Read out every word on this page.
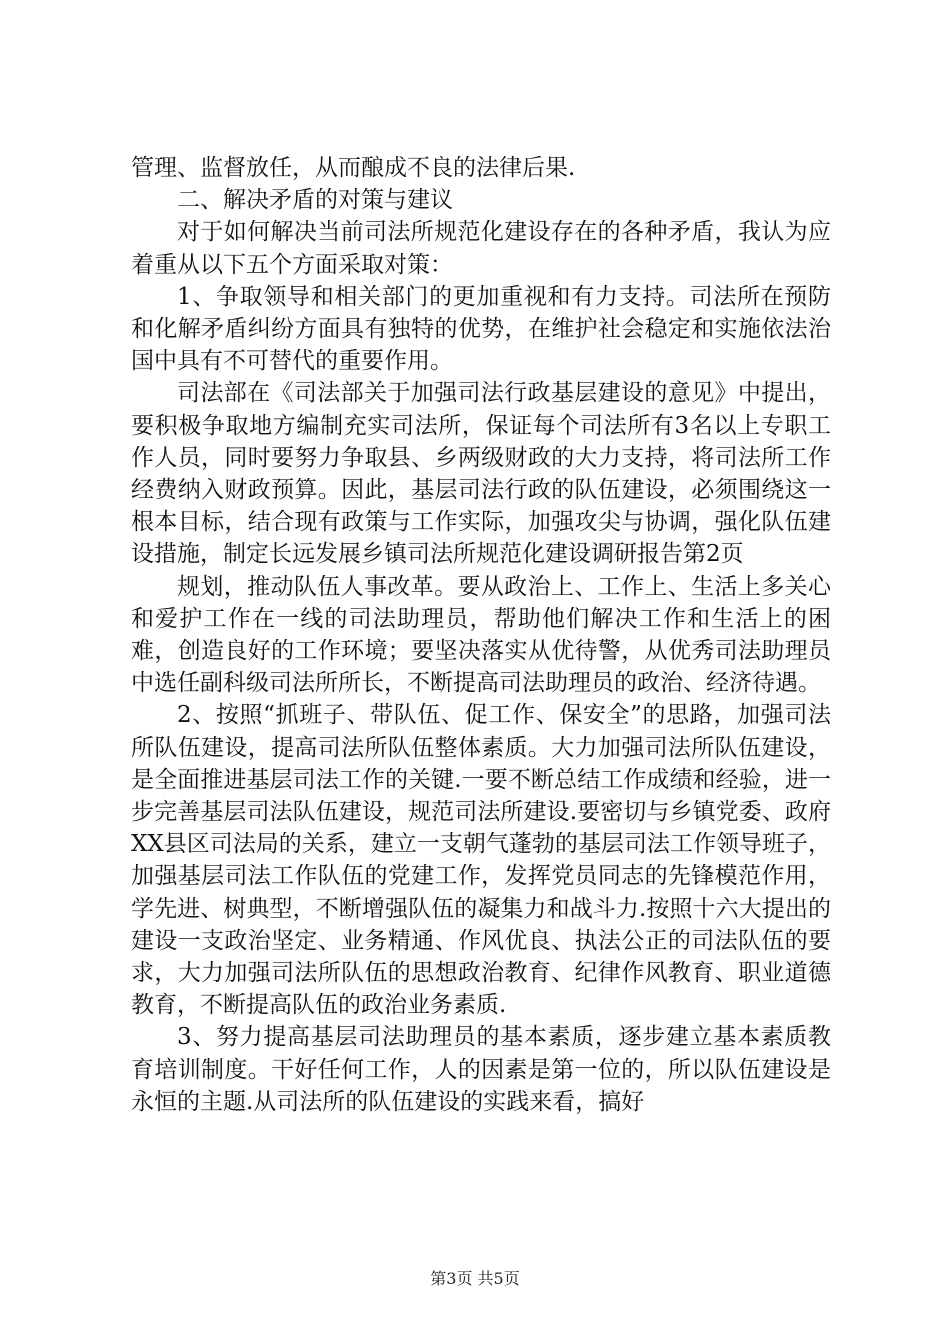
管理、监督放任，从而酿成不良的法律后果.

二、解决矛盾的对策与建议

对于如何解决当前司法所规范化建设存在的各种矛盾，我认为应着重从以下五个方面采取对策：

1、争取领导和相关部门的更加重视和有力支持。司法所在预防和化解矛盾纠纷方面具有独特的优势，在维护社会稳定和实施依法治国中具有不可替代的重要作用。

司法部在《司法部关于加强司法行政基层建设的意见》中提出，要积极争取地方编制充实司法所，保证每个司法所有3名以上专职工作人员，同时要努力争取县、乡两级财政的大力支持，将司法所工作经费纳入财政预算。因此，基层司法行政的队伍建设，必须围绕这一根本目标，结合现有政策与工作实际，加强攻尖与协调，强化队伍建设措施，制定长远发展乡镇司法所规范化建设调研报告第2页

规划，推动队伍人事改革。要从政治上、工作上、生活上多关心和爱护工作在一线的司法助理员，帮助他们解决工作和生活上的困难，创造良好的工作环境；要坚决落实从优待警，从优秀司法助理员中选任副科级司法所所长，不断提高司法助理员的政治、经济待遇。

2、按照“抓班子、带队伍、促工作、保安全”的思路，加强司法所队伍建设，提高司法所队伍整体素质。大力加强司法所队伍建设，是全面推进基层司法工作的关键.一要不断总结工作成绩和经验，进一步完善基层司法队伍建设，规范司法所建设.要密切与乡镇党委、政府XX县区司法局的关系，建立一支朝气蓬勃的基层司法工作领导班子，加强基层司法工作队伍的党建工作，发挥党员同志的先锋模范作用，学先进、树典型，不断增强队伍的凝集力和战斗力.按照十六大提出的建设一支政治坚定、业务精通、作风优良、执法公正的司法队伍的要求，大力加强司法所队伍的思想政治教育、纪律作风教育、职业道德教育，不断提高队伍的政治业务素质.

3、努力提高基层司法助理员的基本素质，逐步建立基本素质教育培训制度。干好任何工作，人的因素是第一位的，所以队伍建设是永恒的主题.从司法所的队伍建设的实践来看，搞好

第3页 共5页
